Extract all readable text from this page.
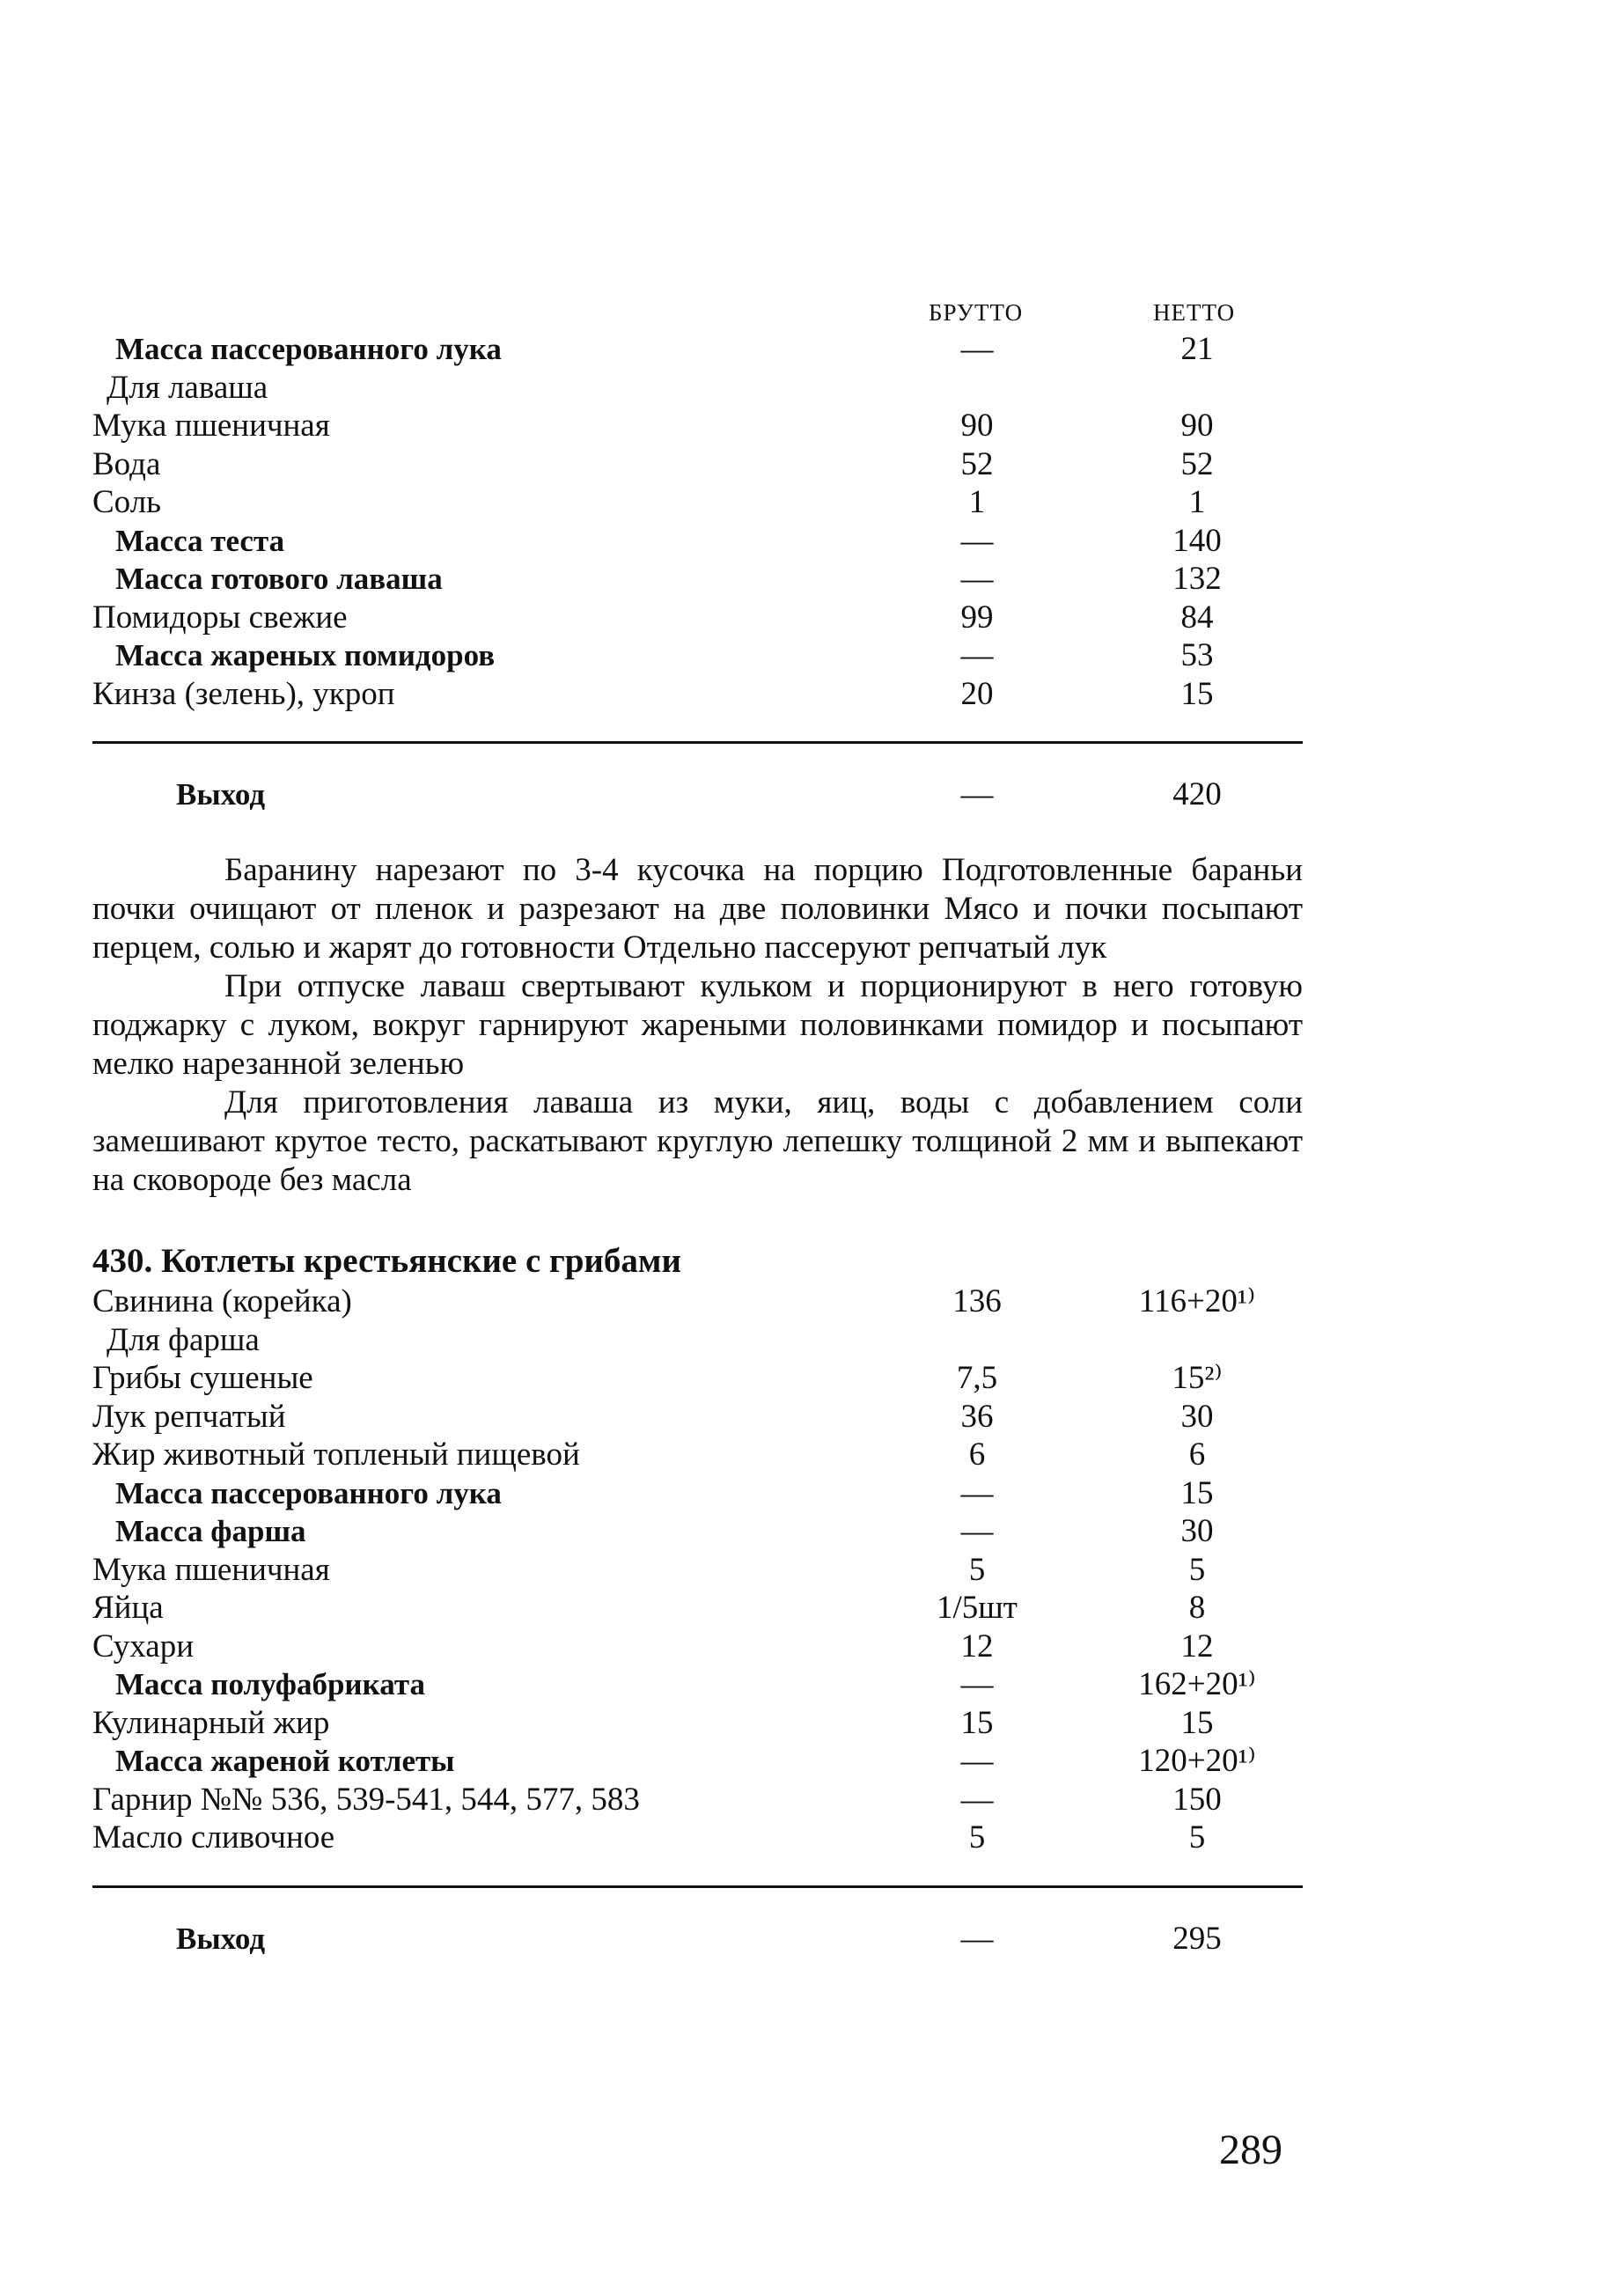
БРУТТО	НЕТТО
Масса пассерованного лука	—	21
Для лаваша
Мука пшеничная	90	90
Вода	52	52
Соль	1	1
Масса теста	—	140
Масса готового лаваша	—	132
Помидоры свежие	99	84
Масса жареных помидоров	—	53
Кинза (зелень), укроп	20	15
Выход	—	420

Баранину нарезают по 3-4 кусочка на порцию Подготовленные бараньи почки очищают от пленок и разрезают на две половинки Мясо и почки посыпают перцем, солью и жарят до готовности Отдельно пассеруют репчатый лук

При отпуске лаваш свертывают кульком и порционируют в него готовую поджарку с луком, вокруг гарнируют жареными половинками помидор и посыпают мелко нарезанной зеленью

Для приготовления лаваша из муки, яиц, воды с добавлением соли замешивают крутое тесто, раскатывают круглую лепешку толщиной 2 мм и выпекают на сковороде без масла

430. Котлеты крестьянские с грибами
Свинина (корейка)	136	116+20¹⁾
Для фарша
Грибы сушеные	7,5	15²⁾
Лук репчатый	36	30
Жир животный топленый пищевой	6	6
Масса пассерованного лука	—	15
Масса фарша	—	30
Мука пшеничная	5	5
Яйца	1/5шт	8
Сухари	12	12
Масса полуфабриката	—	162+20¹⁾
Кулинарный жир	15	15
Масса жареной котлеты	—	120+20¹⁾
Гарнир №№ 536, 539-541, 544, 577, 583	—	150
Масло сливочное	5	5
Выход	—	295
289
